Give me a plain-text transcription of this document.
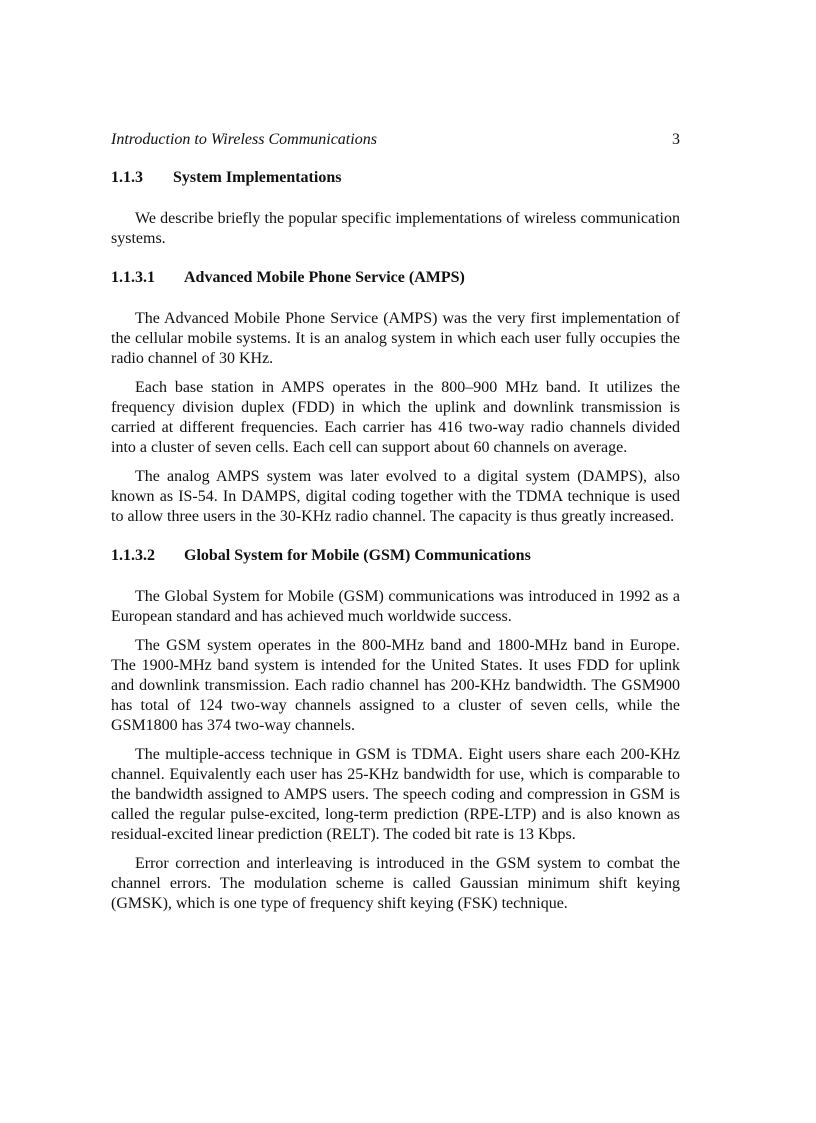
Introduction to Wireless Communications	3
1.1.3 System Implementations
We describe briefly the popular specific implementations of wireless communication systems.
1.1.3.1 Advanced Mobile Phone Service (AMPS)
The Advanced Mobile Phone Service (AMPS) was the very first implementation of the cellular mobile systems. It is an analog system in which each user fully occupies the radio channel of 30 KHz.
Each base station in AMPS operates in the 800–900 MHz band. It utilizes the frequency division duplex (FDD) in which the uplink and downlink transmission is carried at different frequencies. Each carrier has 416 two-way radio channels divided into a cluster of seven cells. Each cell can support about 60 channels on average.
The analog AMPS system was later evolved to a digital system (DAMPS), also known as IS-54. In DAMPS, digital coding together with the TDMA technique is used to allow three users in the 30-KHz radio channel. The capacity is thus greatly increased.
1.1.3.2 Global System for Mobile (GSM) Communications
The Global System for Mobile (GSM) communications was introduced in 1992 as a European standard and has achieved much worldwide success.
The GSM system operates in the 800-MHz band and 1800-MHz band in Europe. The 1900-MHz band system is intended for the United States. It uses FDD for uplink and downlink transmission. Each radio channel has 200-KHz bandwidth. The GSM900 has total of 124 two-way channels assigned to a cluster of seven cells, while the GSM1800 has 374 two-way channels.
The multiple-access technique in GSM is TDMA. Eight users share each 200-KHz channel. Equivalently each user has 25-KHz bandwidth for use, which is comparable to the bandwidth assigned to AMPS users. The speech coding and compression in GSM is called the regular pulse-excited, long-term prediction (RPE-LTP) and is also known as residual-excited linear prediction (RELT). The coded bit rate is 13 Kbps.
Error correction and interleaving is introduced in the GSM system to combat the channel errors. The modulation scheme is called Gaussian minimum shift keying (GMSK), which is one type of frequency shift keying (FSK) technique.
